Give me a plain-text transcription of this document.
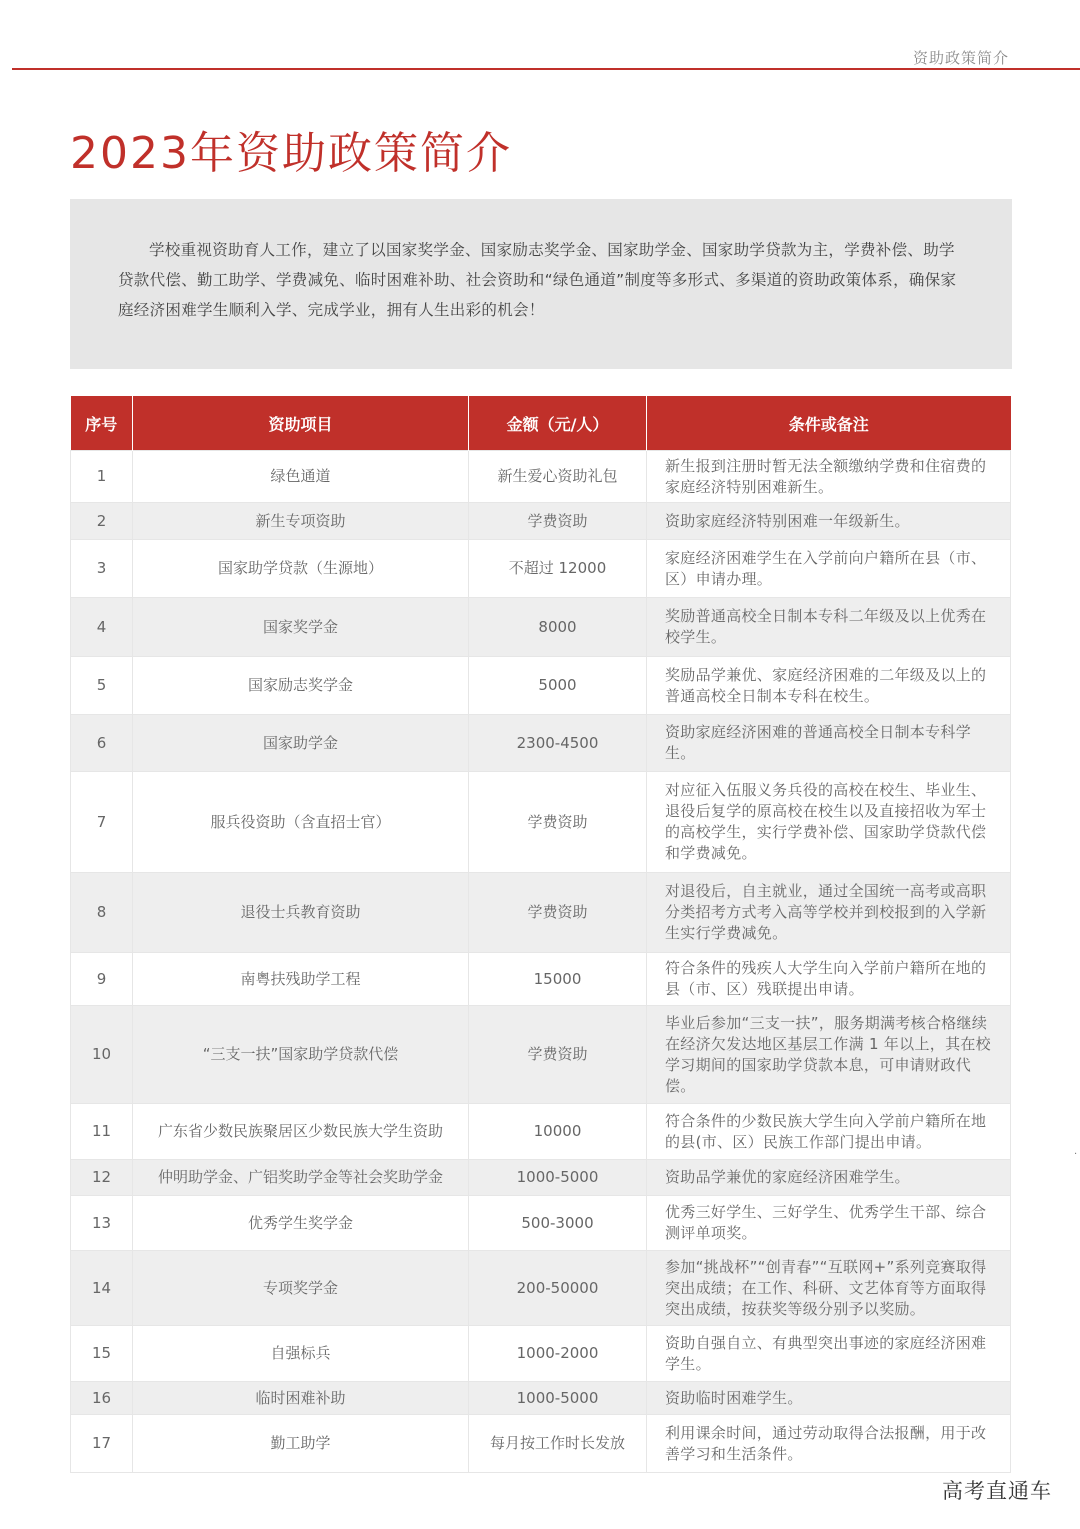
资助政策简介
2023年资助政策简介

学校重视资助育人工作，建立了以国家奖学金、国家励志奖学金、国家助学金、国家助学贷款为主，学费补偿、助学贷款代偿、勤工助学、学费减免、临时困难补助、社会资助和“绿色通道”制度等多形式、多渠道的资助政策体系，确保家庭经济困难学生顺利入学、完成学业，拥有人生出彩的机会！

序号	资助项目	金额（元/人）	条件或备注
1	绿色通道	新生爱心资助礼包	新生报到注册时暂无法全额缴纳学费和住宿费的家庭经济特别困难新生。
2	新生专项资助	学费资助	资助家庭经济特别困难一年级新生。
3	国家助学贷款（生源地）	不超过 12000	家庭经济困难学生在入学前向户籍所在县（市、区）申请办理。
4	国家奖学金	8000	奖励普通高校全日制本专科二年级及以上优秀在校学生。
5	国家励志奖学金	5000	奖励品学兼优、家庭经济困难的二年级及以上的普通高校全日制本专科在校生。
6	国家助学金	2300-4500	资助家庭经济困难的普通高校全日制本专科学生。
7	服兵役资助（含直招士官）	学费资助	对应征入伍服义务兵役的高校在校生、毕业生、退役后复学的原高校在校生以及直接招收为军士的高校学生，实行学费补偿、国家助学贷款代偿和学费减免。
8	退役士兵教育资助	学费资助	对退役后，自主就业，通过全国统一高考或高职分类招考方式考入高等学校并到校报到的入学新生实行学费减免。
9	南粤扶残助学工程	15000	符合条件的残疾人大学生向入学前户籍所在地的县（市、区）残联提出申请。
10	“三支一扶”国家助学贷款代偿	学费资助	毕业后参加“三支一扶”，服务期满考核合格继续在经济欠发达地区基层工作满 1 年以上，其在校学习期间的国家助学贷款本息，可申请财政代偿。
11	广东省少数民族聚居区少数民族大学生资助	10000	符合条件的少数民族大学生向入学前户籍所在地的县(市、区）民族工作部门提出申请。
12	仲明助学金、广铝奖助学金等社会奖助学金	1000-5000	资助品学兼优的家庭经济困难学生。
13	优秀学生奖学金	500-3000	优秀三好学生、三好学生、优秀学生干部、综合测评单项奖。
14	专项奖学金	200-50000	参加“挑战杯”“创青春”“互联网+”系列竞赛取得突出成绩；在工作、科研、文艺体育等方面取得突出成绩，按获奖等级分别予以奖励。
15	自强标兵	1000-2000	资助自强自立、有典型突出事迹的家庭经济困难学生。
16	临时困难补助	1000-5000	资助临时困难学生。
17	勤工助学	每月按工作时长发放	利用课余时间，通过劳动取得合法报酬，用于改善学习和生活条件。
.
高考直通车
